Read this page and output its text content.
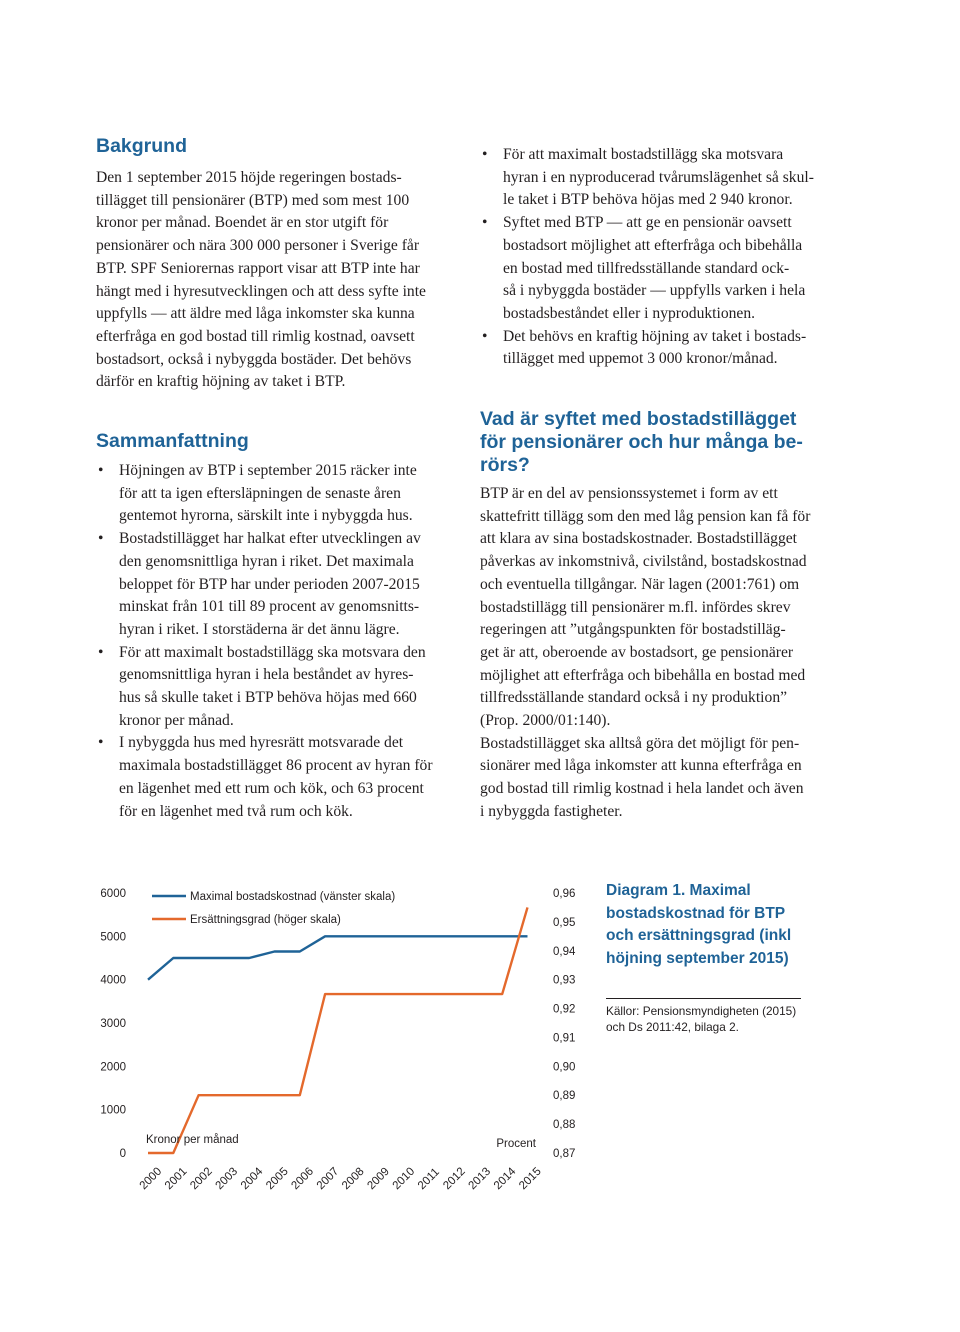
Bakgrund

Den 1 september 2015 höjde regeringen bostads-

tillägget till pensionärer (BTP) med som mest 100

kronor per månad. Boendet är en stor utgift för

pensionärer och nära 300 000 personer i Sverige får

BTP. SPF Seniorernas rapport visar att BTP inte har

hängt med i hyresutvecklingen och att dess syfte inte

uppfylls — att äldre med låga inkomster ska kunna

efterfråga en god bostad till rimlig kostnad, oavsett

bostadsort, också i nybyggda bostäder. Det behövs

därför en kraftig höjning av taket i BTP.

Sammanfattning
• Höjningen av BTP i september 2015 räcker inte
för att ta igen eftersläpningen de senaste åren
gentemot hyrorna, särskilt inte i nybyggda hus.
• Bostadstillägget har halkat efter utvecklingen av
den genomsnittliga hyran i riket. Det maximala
beloppet för BTP har under perioden 2007-2015
minskat från 101 till 89 procent av genomsnitts-
hyran i riket. I storstäderna är det ännu lägre.
• För att maximalt bostadstillägg ska motsvara den
genomsnittliga hyran i hela beståndet av hyres-
hus så skulle taket i BTP behöva höjas med 660
kronor per månad.
• I nybyggda hus med hyresrätt motsvarade det
maximala bostadstillägget 86 procent av hyran för
en lägenhet med ett rum och kök, och 63 procent
för en lägenhet med två rum och kök.
• För att maximalt bostadstillägg ska motsvara
hyran i en nyproducerad tvårumslägenhet så skul-
le taket i BTP behöva höjas med 2 940 kronor.
• Syftet med BTP — att ge en pensionär oavsett
bostadsort möjlighet att efterfråga och bibehålla
en bostad med tillfredsställande standard ock-
så i nybyggda bostäder — uppfylls varken i hela
bostadsbeståndet eller i nyproduktionen.
• Det behövs en kraftig höjning av taket i bostads-
tillägget med uppemot 3 000 kronor/månad.
Vad är syftet med bostadstillägget
för pensionärer och hur många be-
rörs?

BTP är en del av pensionssystemet i form av ett

skattefritt tillägg som den med låg pension kan få för

att klara av sina bostadskostnader. Bostadstillägget

påverkas av inkomstnivå, civilstånd, bostadskostnad

och eventuella tillgångar. När lagen (2001:761) om

bostadstillägg till pensionärer m.fl. infördes skrev

regeringen att ”utgångspunkten för bostadstilläg-

get är att, oberoende av bostadsort, ge pensionärer

möjlighet att efterfråga och bibehålla en bostad med

tillfredsställande standard också i ny produktion”

(Prop. 2000/01:140).

Bostadstillägget ska alltså göra det möjligt för pen-

sionärer med låga inkomster att kunna efterfråga en

god bostad till rimlig kostnad i hela landet och även

i nybyggda fastigheter.

6000
5000
4000
3000
2000
1000
0
0,96
0,95
0,94
0,93
0,92
0,91
0,90
0,89
0,88
0,87
2000
2001
2002
2003
2004
2005
2006
2007
2008
2009
2010
2011 2012
2013
2014
2015
Maximal bostadskostnad (vänster skala)
Ersättningsgrad (höger skala)
Kronor per månad	Procent
Diagram 1. Maximal
bostadskostnad för BTP
och ersättningsgrad (inkl
höjning september 2015)
Källor: Pensionsmyndigheten (2015)
och Ds 2011:42, bilaga 2.
